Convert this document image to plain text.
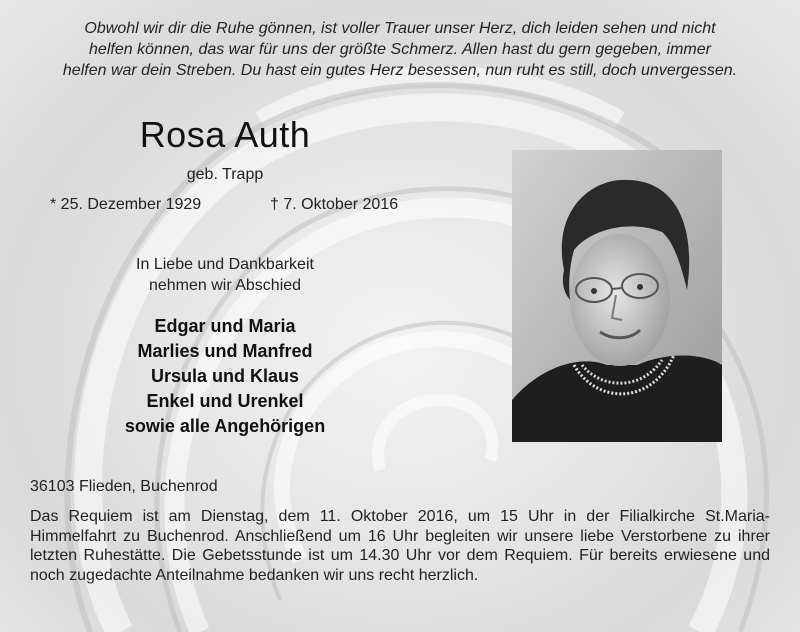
Obwohl wir dir die Ruhe gönnen, ist voller Trauer unser Herz, dich leiden sehen und nicht
helfen können, das war für uns der größte Schmerz. Allen hast du gern gegeben, immer
helfen war dein Streben. Du hast ein gutes Herz besessen, nun ruht es still, doch unvergessen.
Rosa Auth
geb. Trapp
* 25. Dezember 1929	† 7. Oktober 2016
In Liebe und Dankbarkeit
nehmen wir Abschied
Edgar und Maria
Marlies und Manfred
Ursula und Klaus
Enkel und Urenkel
sowie alle Angehörigen
36103 Flieden, Buchenrod
Das Requiem ist am Dienstag, dem 11. Oktober 2016, um 15 Uhr in der Filialkirche St.Maria-Himmelfahrt zu Buchenrod. Anschließend um 16 Uhr begleiten wir unsere liebe Verstorbene zu ihrer letzten Ruhestätte. Die Gebetsstunde ist um 14.30 Uhr vor dem Requiem. Für bereits erwiesene und noch zugedachte Anteilnahme bedanken wir uns recht herzlich.
